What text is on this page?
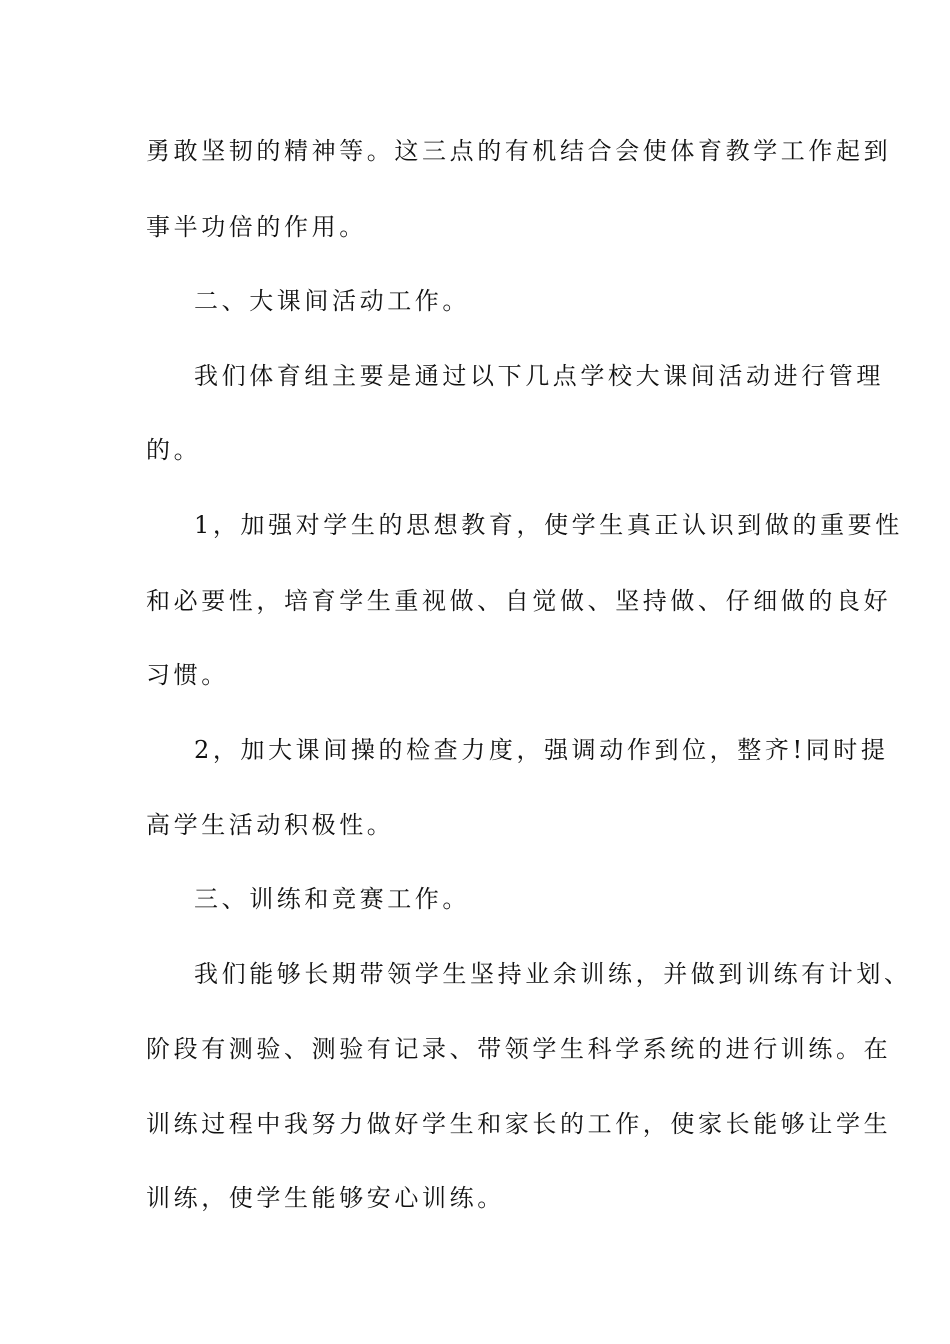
勇敢坚韧的精神等。这三点的有机结合会使体育教学工作起到
事半功倍的作用。
二、大课间活动工作。
我们体育组主要是通过以下几点学校大课间活动进行管理
的。
1，加强对学生的思想教育，使学生真正认识到做的重要性
和必要性，培育学生重视做、自觉做、坚持做、仔细做的良好
习惯。
2，加大课间操的检查力度，强调动作到位，整齐!同时提
高学生活动积极性。
三、训练和竞赛工作。
我们能够长期带领学生坚持业余训练，并做到训练有计划、
阶段有测验、测验有记录、带领学生科学系统的进行训练。在
训练过程中我努力做好学生和家长的工作，使家长能够让学生
训练，使学生能够安心训练。
